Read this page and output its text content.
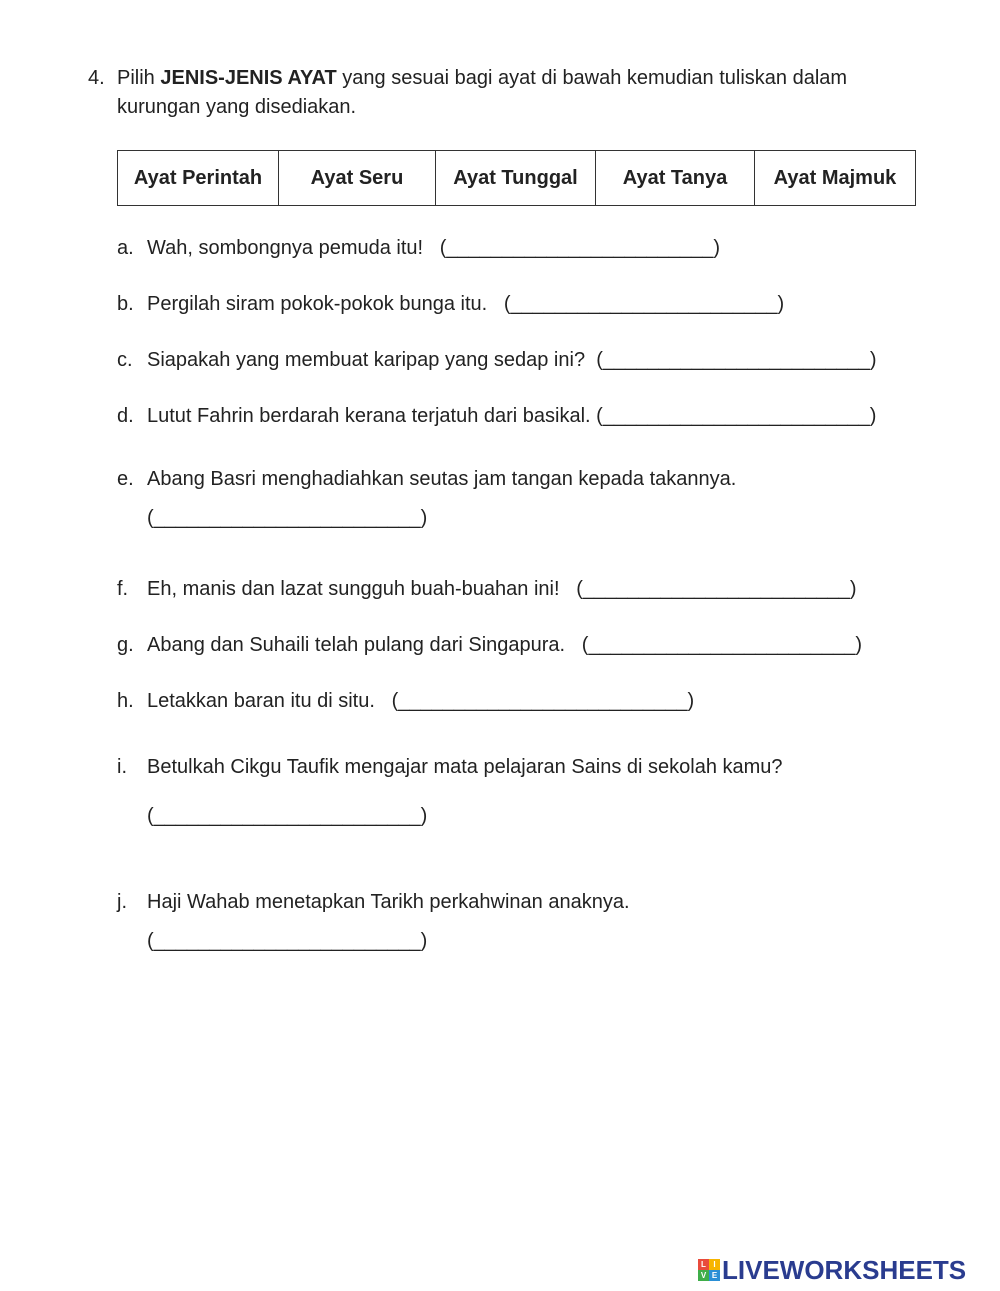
4. Pilih JENIS-JENIS AYAT yang sesuai bagi ayat di bawah kemudian tuliskan dalam kurungan yang disediakan.
Ayat Perintah	Ayat Seru	Ayat Tunggal	Ayat Tanya	Ayat Majmuk
a. Wah, sombongnya pemuda itu! (________________________)
b. Pergilah siram pokok-pokok bunga itu. (________________________)
c. Siapakah yang membuat karipap yang sedap ini? (________________________)
d. Lutut Fahrin berdarah kerana terjatuh dari basikal. (________________________)
e. Abang Basri menghadiahkan seutas jam tangan kepada takannya.
(________________________)
f. Eh, manis dan lazat sungguh buah-buahan ini! (________________________)
g. Abang dan Suhaili telah pulang dari Singapura. (________________________)
h. Letakkan baran itu di situ. (__________________________)
i. Betulkah Cikgu Taufik mengajar mata pelajaran Sains di sekolah kamu?
(________________________)
j. Haji Wahab menetapkan Tarikh perkahwinan anaknya.
(________________________)
L I
V E LIVEWORKSHEETS
